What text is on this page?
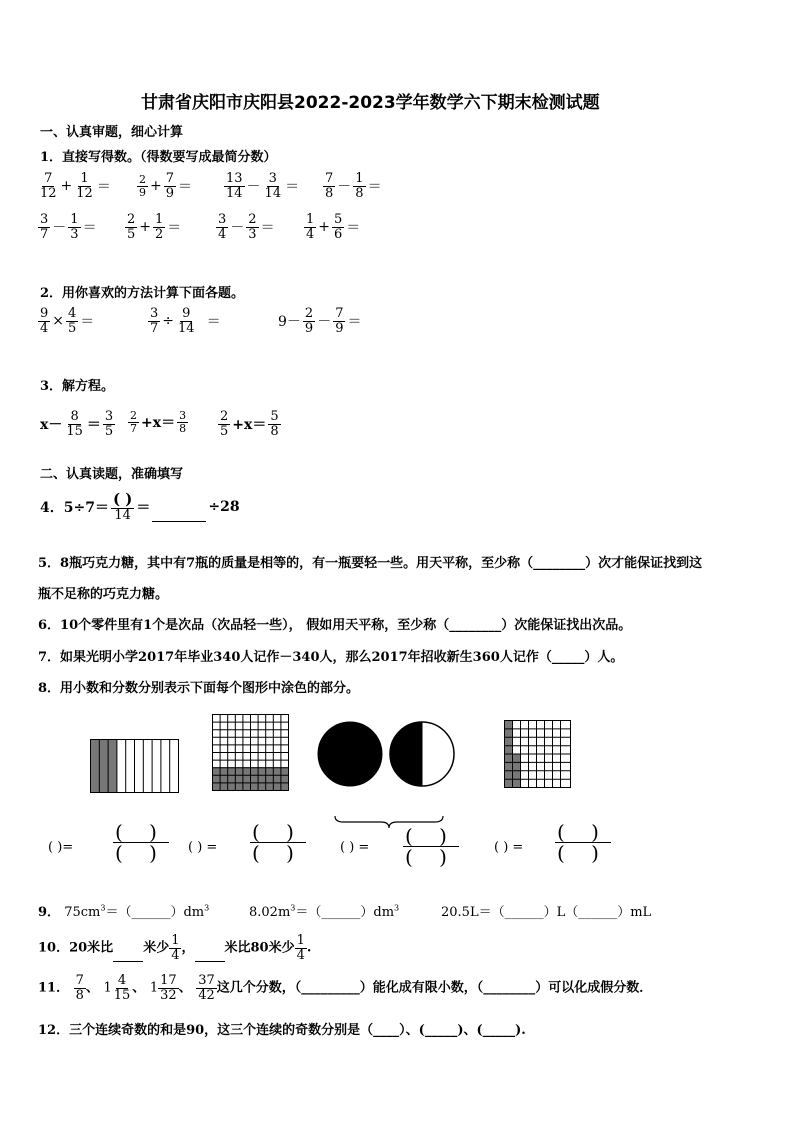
甘肃省庆阳市庆阳县2022-2023学年数学六下期末检测试题
一、认真审题，细心计算
1．直接写得数。（得数要写成最简分数）
$\frac{7}{12} + \frac{1}{12} = \frac{2}{9} + \frac{7}{9} = \frac{13}{14} - \frac{3}{14} = \frac{7}{8} - \frac{1}{8}$ ＝
$\frac{3}{7} - \frac{1}{3} = \frac{2}{5} + \frac{1}{2}$ ＝	$\frac{3}{4} - \frac{2}{3} = \frac{1}{4} + \frac{5}{6}$ ＝
2．用你喜欢的方法计算下面各题。
$\frac{9}{4} \times \frac{4}{5}$ ＝	$\frac{3}{7} \div \frac{9}{14}$ ＝	$9- \frac{2}{9} - \frac{7}{9}$ ＝
3．解方程。
$x- \frac{8}{15} = \frac{3}{5} \frac{2}{7} +x= \frac{3}{8} \frac{2}{5} +x= \frac{5}{8}$
二、认真读题，准确填写
4．$5\div 7= \frac{( )}{14}$ ＝	÷28
5．8瓶巧克力糖，其中有7瓶的质量是相等的，有一瓶要轻一些。用天平称，至少称（________）次才能保证找到这
瓶不足称的巧克力糖。
6．10个零件里有1个是次品（次品轻一些）， 假如用天平称，至少称（________）次能保证找出次品。
7．如果光明小学2017年毕业340人记作－340人，那么2017年招收新生360人记作（_____）人。
8．用小数和分数分别表示下面每个图形中涂色的部分。
( )= $\frac{( )}{( )}$ ( ) = $\frac{( )}{( )}$	( ) = $\frac{( )}{( )}$	( ) = $\frac{( )}{( )}$
9． $75cm^3=(\_\_\_\_\_\_)dm^3$	$8.02m^3=(\_\_\_\_\_\_)dm^3$	20.5L＝（______）L（______）mL
10．20米比 米少 $\frac{1}{4}$ ， 米比80米少 $\frac{1}{4}$ .
11． $\frac{7}{8}$ 、 $1 \frac{4}{15}$ 、 $1 \frac{17}{32}$ 、 $\frac{37}{42}$ 这几个分数，（_________）能化成有限小数，（________）可以化成假分数．
12．三个连续奇数的和是90，这三个连续的奇数分别是（____）、(_____)、(_____).
